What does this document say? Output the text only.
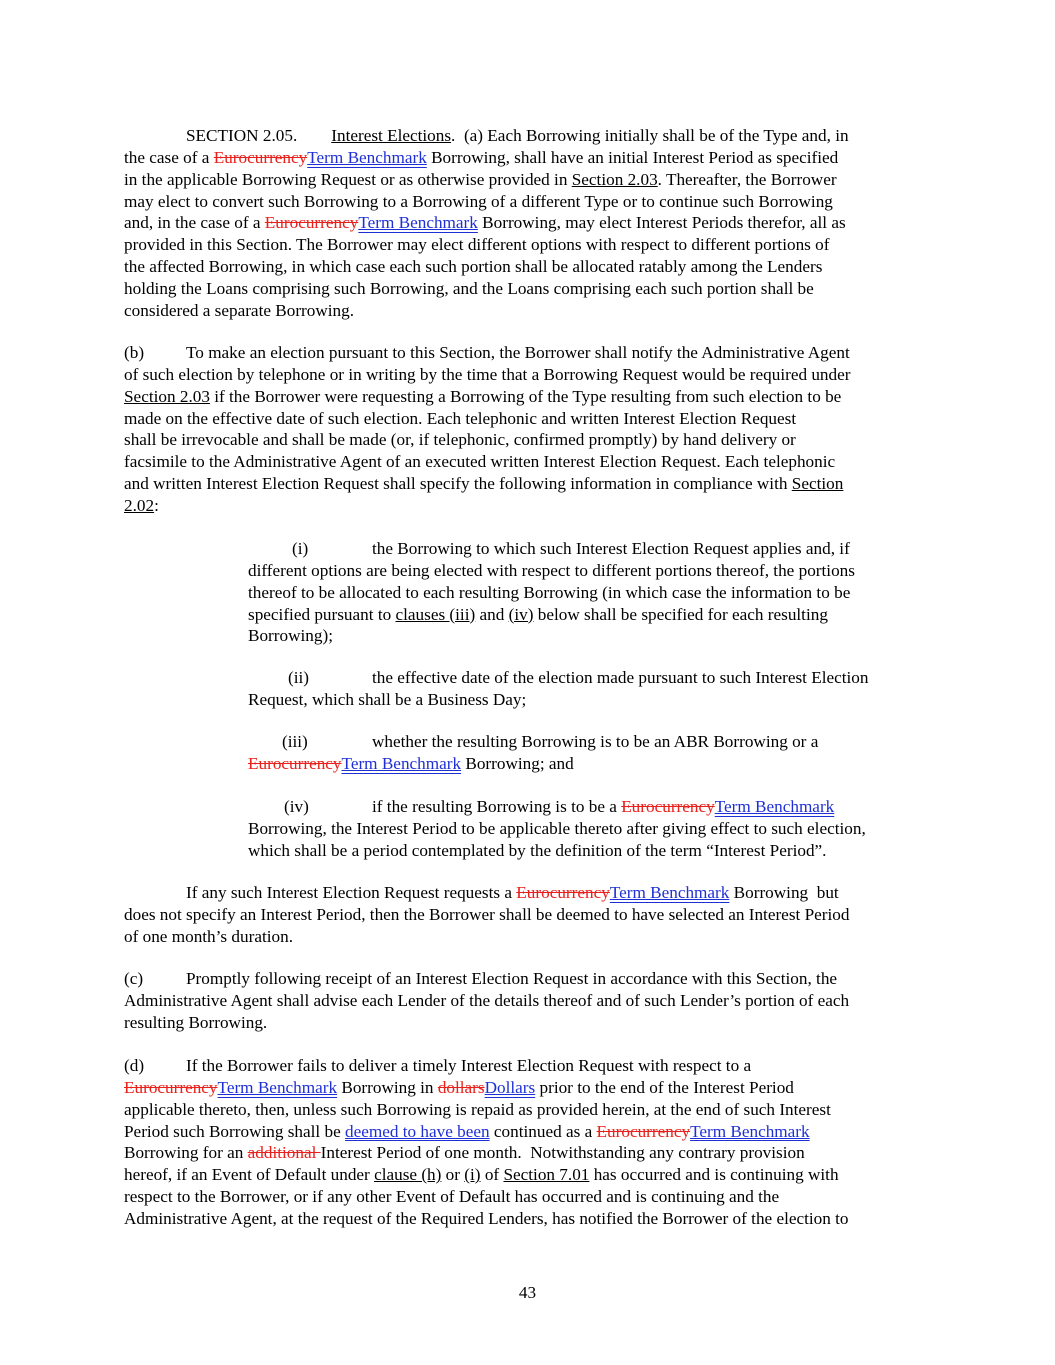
SECTION 2.05. Interest Elections.  (a) Each Borrowing initially shall be of the Type and, in
the case of a EurocurrencyTerm Benchmark Borrowing, shall have an initial Interest Period as specified
in the applicable Borrowing Request or as otherwise provided in Section 2.03. Thereafter, the Borrower
may elect to convert such Borrowing to a Borrowing of a different Type or to continue such Borrowing
and, in the case of a EurocurrencyTerm Benchmark Borrowing, may elect Interest Periods therefor, all as
provided in this Section. The Borrower may elect different options with respect to different portions of
the affected Borrowing, in which case each such portion shall be allocated ratably among the Lenders
holding the Loans comprising such Borrowing, and the Loans comprising each such portion shall be
considered a separate Borrowing.
(b) To make an election pursuant to this Section, the Borrower shall notify the Administrative Agent
of such election by telephone or in writing by the time that a Borrowing Request would be required under
Section 2.03 if the Borrower were requesting a Borrowing of the Type resulting from such election to be
made on the effective date of such election. Each telephonic and written Interest Election Request
shall be irrevocable and shall be made (or, if telephonic, confirmed promptly) by hand delivery or
facsimile to the Administrative Agent of an executed written Interest Election Request. Each telephonic
and written Interest Election Request shall specify the following information in compliance with Section
2.02:
(i)	the Borrowing to which such Interest Election Request applies and, if
different options are being elected with respect to different portions thereof, the portions
thereof to be allocated to each resulting Borrowing (in which case the information to be
specified pursuant to clauses (iii) and (iv) below shall be specified for each resulting
Borrowing);
(ii)	the effective date of the election made pursuant to such Interest Election
Request, which shall be a Business Day;
(iii)	whether the resulting Borrowing is to be an ABR Borrowing or a
EurocurrencyTerm Benchmark Borrowing; and
(iv)	if the resulting Borrowing is to be a EurocurrencyTerm Benchmark
Borrowing, the Interest Period to be applicable thereto after giving effect to such election,
which shall be a period contemplated by the definition of the term “Interest Period”.
If any such Interest Election Request requests a EurocurrencyTerm Benchmark Borrowing  but
does not specify an Interest Period, then the Borrower shall be deemed to have selected an Interest Period
of one month’s duration.
(c) Promptly following receipt of an Interest Election Request in accordance with this Section, the
Administrative Agent shall advise each Lender of the details thereof and of such Lender’s portion of each
resulting Borrowing.
(d) If the Borrower fails to deliver a timely Interest Election Request with respect to a
EurocurrencyTerm Benchmark Borrowing in dollarsDollars prior to the end of the Interest Period
applicable thereto, then, unless such Borrowing is repaid as provided herein, at the end of such Interest
Period such Borrowing shall be deemed to have been continued as a EurocurrencyTerm Benchmark
Borrowing for an additional Interest Period of one month.  Notwithstanding any contrary provision
hereof, if an Event of Default under clause (h) or (i) of Section 7.01 has occurred and is continuing with
respect to the Borrower, or if any other Event of Default has occurred and is continuing and the
Administrative Agent, at the request of the Required Lenders, has notified the Borrower of the election to
43
